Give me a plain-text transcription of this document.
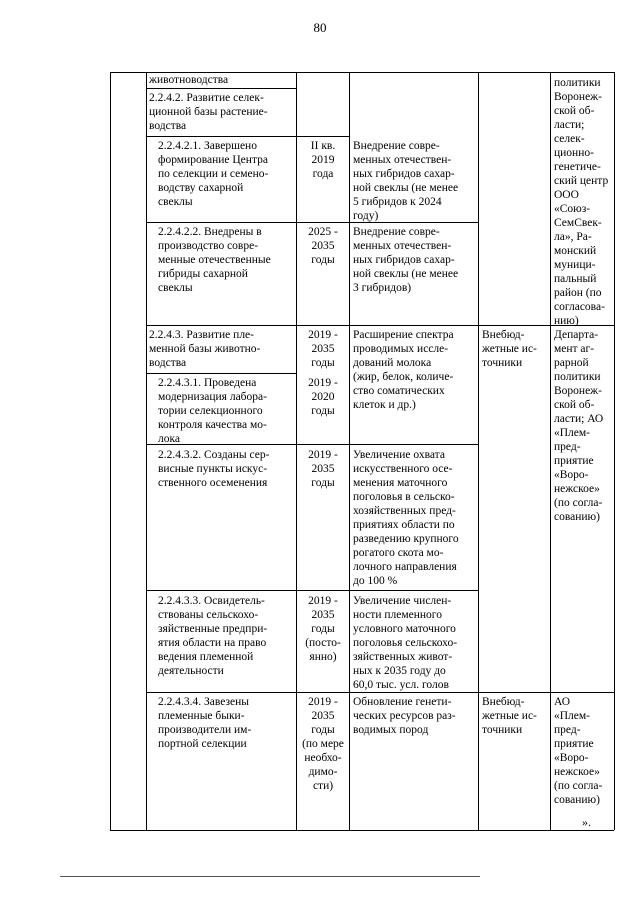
80
животноводства
2.2.4.2. Развитие селек-
ционной базы растение-
водства
2.2.4.2.1. Завершено
формирование Центра
по селекции и семено-
водству сахарной
свеклы
II кв.
2019
года
Внедрение совре-
менных отечествен-
ных гибридов сахар-
ной свеклы (не менее
5 гибридов к 2024
году)
2.2.4.2.2. Внедрены в
производство совре-
менные отечественные
гибриды сахарной
свеклы
2025 -
2035
годы
Внедрение совре-
менных отечествен-
ных гибридов сахар-
ной свеклы (не менее
3 гибридов)
политики
Воронеж-
ской об-
ласти;
селек-
ционно-
генетиче-
ский центр
ООО
«Союз-
СемСвек-
ла», Ра-
монский
муници-
пальный
район (по
согласова-
нию)
2.2.4.3. Развитие пле-
менной базы животно-
водства
2019 -
2035
годы
Расширение спектра
проводимых иссле-
дований молока
(жир, белок, количе-
ство соматических
клеток и др.)
Внебюд-
жетные ис-
точники
Департа-
мент аг-
рарной
политики
Воронеж-
ской об-
ласти; АО
«Плем-
пред-
приятие
«Воро-
нежское»
(по согла-
сованию)
2.2.4.3.1. Проведена
модернизация лабора-
тории селекционного
контроля качества мо-
лока
2019 -
2020
годы
2.2.4.3.2. Созданы сер-
висные пункты искус-
ственного осеменения
2019 -
2035
годы
Увеличение охвата
искусственного осе-
менения маточного
поголовья в сельско-
хозяйственных пред-
приятиях области по
разведению крупного
рогатого скота мо-
лочного направления
до 100 %
2.2.4.3.3. Освидетель-
ствованы сельскохо-
зяйственные предпри-
ятия области на право
ведения племенной
деятельности
2019 -
2035
годы
(посто-
янно)
Увеличение числен-
ности племенного
условного маточного
поголовья сельскохо-
зяйственных живот-
ных к 2035 году до
60,0 тыс. усл. голов
2.2.4.3.4. Завезены
племенные быки-
производители им-
портной селекции
2019 -
2035
годы
(по мере
необхо-
димо-
сти)
Обновление генети-
ческих ресурсов раз-
водимых пород
Внебюд-
жетные ис-
точники
АО
«Плем-
пред-
приятие
«Воро-
нежское»
(по согла-
сованию)
».
